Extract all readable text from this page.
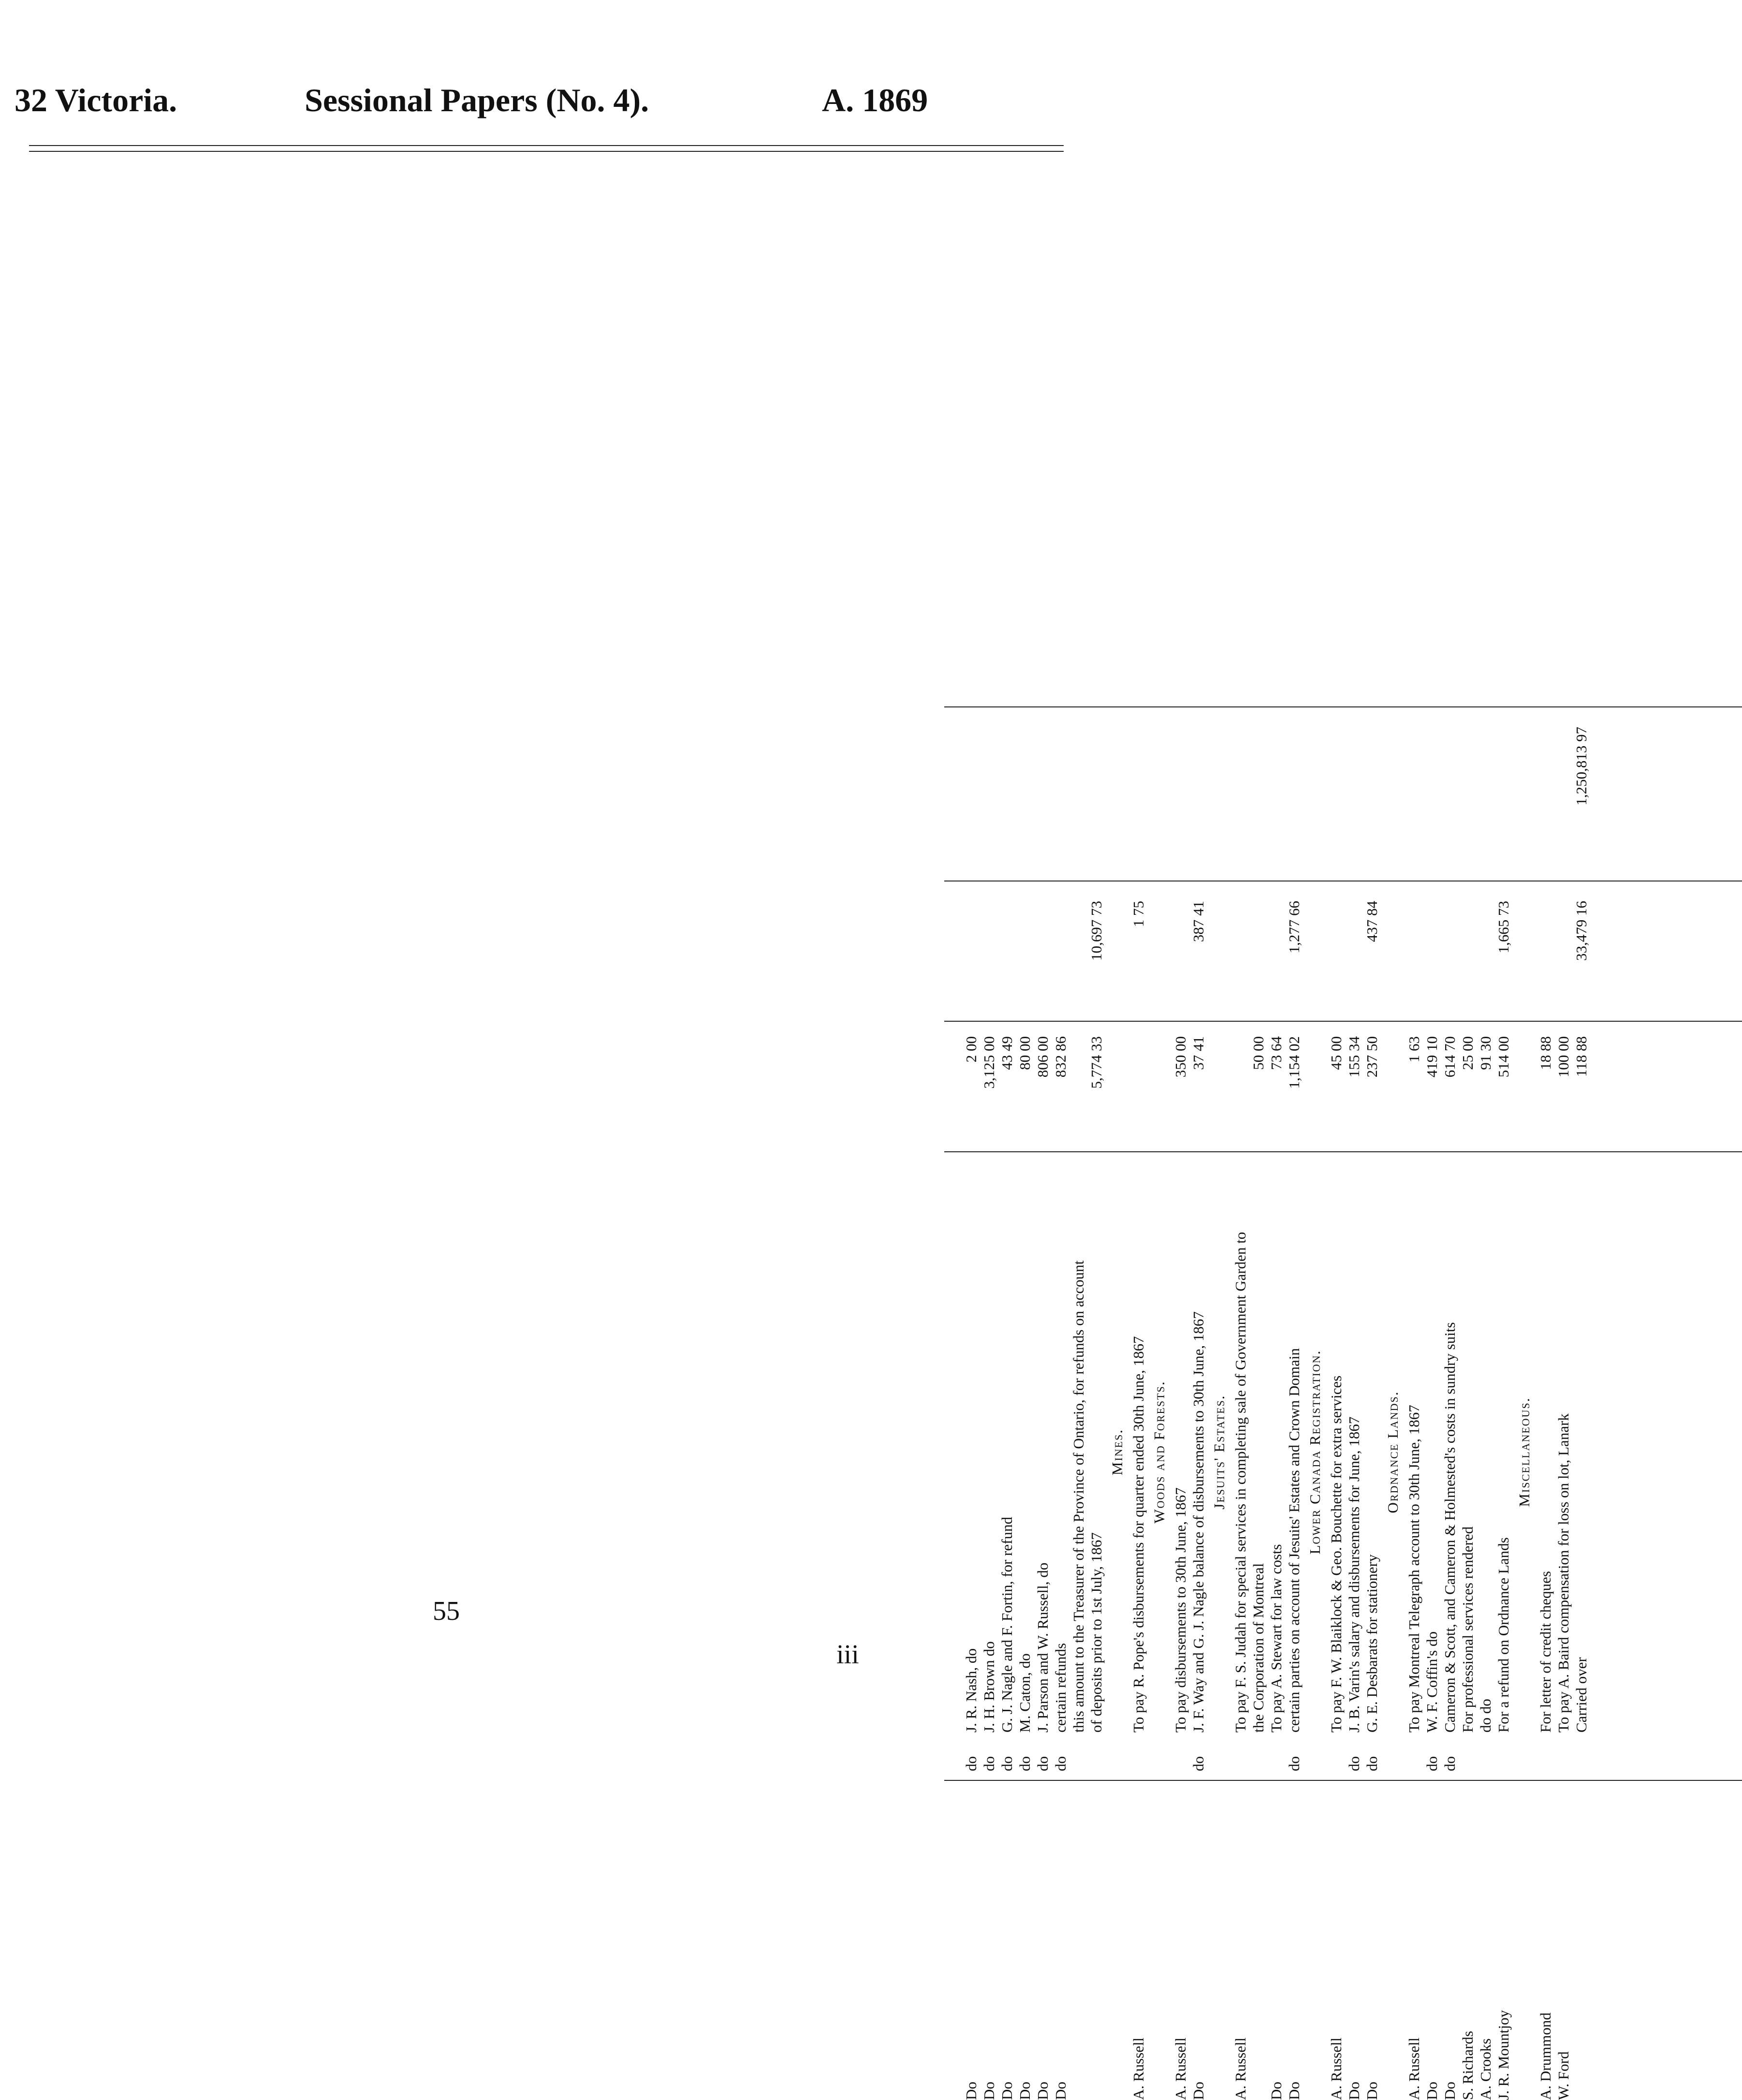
32 Victoria.	Sessional Papers (No. 4).	A. 1869
Do
do
J. R. Nash, do
2 00
Do
do
J. H. Brown do
3,125 00
Do
do
G. J. Nagle and F. Fortin, for refund
43 49
Do
do
M. Caton, do
80 00
Do
do
J. Parson and W. Russell, do
806 00
Do
do
certain refunds
832 86
this amount to the Treasurer of the Province of Ontario, for refunds on account of deposits prior to 1st July, 1867
5,774 33
10,697 73
Mines.
A. Russell
To pay R. Pope's disbursements for quarter ended 30th June, 1867
1 75
Woods and Forests.
A. Russell
To pay disbursements to 30th June, 1867
350 00
Do
do
J. F. Way and G. J. Nagle balance of disbursements to 30th June, 1867
37 41
387 41
Jesuits' Estates.
A. Russell
To pay F. S. Judah for special services in completing sale of Government Garden to the Corporation of Montreal
50 00
Do
To pay A. Stewart for law costs
73 64
Do
do
certain parties on account of Jesuits' Estates and Crown Domain
1,154 02
1,277 66
Lower Canada Registration.
A. Russell
To pay F. W. Blaiklock & Geo. Bouchette for extra services
45 00
Do
do
J. B. Varin's salary and disbursements for June, 1867
155 34
Do
do
G. E. Desbarats for stationery
237 50
437 84
Ordnance Lands.
A. Russell
To pay Montreal Telegraph account to 30th June, 1867
1 63
Do
do
W. F. Coffin's do
419 10
Do
do
Cameron & Scott, and Cameron & Holmested's costs in sundry suits
614 70
S. Richards
For professional services rendered
25 00
A. Crooks
do do
91 30
J. R. Mountjoy
For a refund on Ordnance Lands
514 00
1,665 73
Miscellaneous.
A. Drummond
For letter of credit cheques
18 88
W. Ford
To pay A. Baird compensation for loss on lot, Lanark
100 00
Carried over
118 88
33,479 16
1,250,813 97
55
iii
